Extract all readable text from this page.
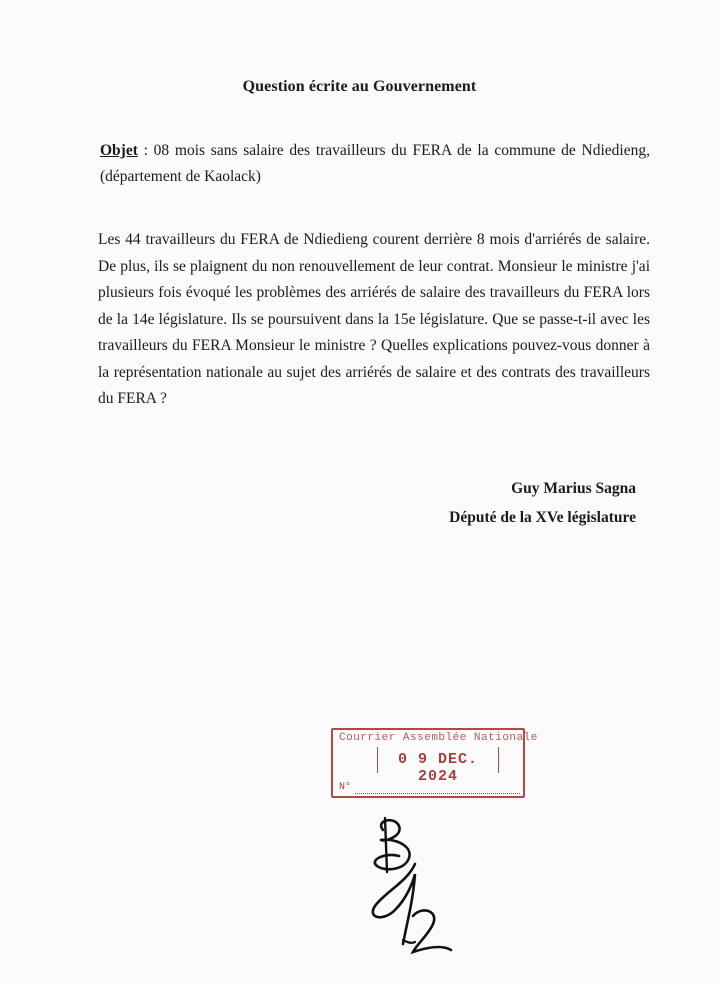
Question écrite au Gouvernement
Objet : 08 mois sans salaire des travailleurs du FERA de la commune de Ndiedieng, (département de Kaolack)
Les 44 travailleurs du FERA de Ndiedieng courent derrière 8 mois d'arriérés de salaire. De plus, ils se plaignent du non renouvellement de leur contrat. Monsieur le ministre j'ai plusieurs fois évoqué les problèmes des arriérés de salaire des travailleurs du FERA lors de la 14e législature. Ils se poursuivent dans la 15e législature. Que se passe-t-il avec les travailleurs du FERA Monsieur le ministre ? Quelles explications pouvez-vous donner à la représentation nationale au sujet des arriérés de salaire et des contrats des travailleurs du FERA ?
Guy Marius Sagna
Député de la XVe législature
Courrier Assemblée Nationale
0 9 DEC. 2024
N°
